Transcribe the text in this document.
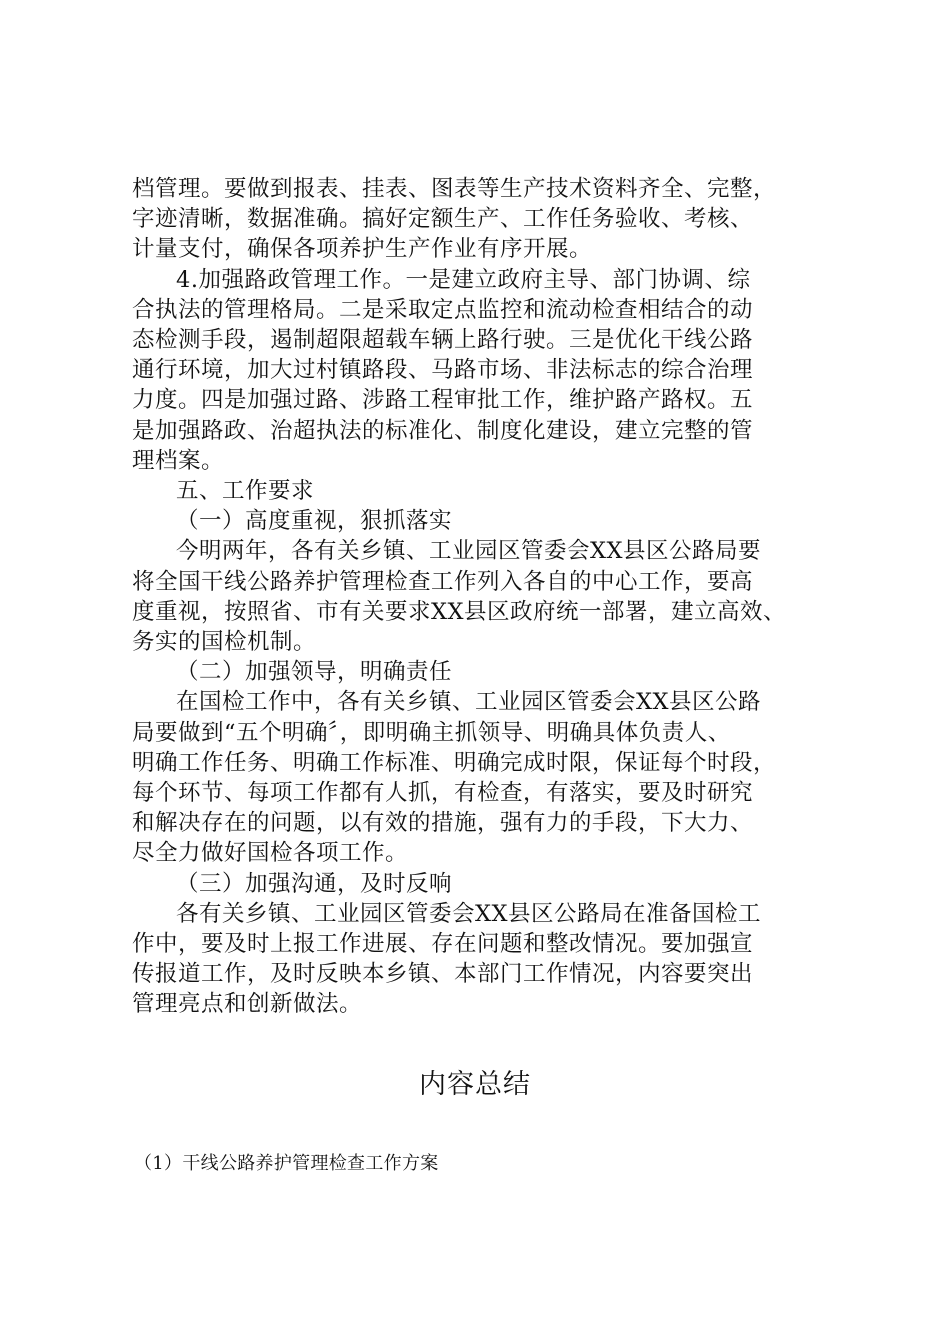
档管理。要做到报表、挂表、图表等生产技术资料齐全、完整，
字迹清晰，数据准确。搞好定额生产、工作任务验收、考核、
计量支付，确保各项养护生产作业有序开展。
4.加强路政管理工作。一是建立政府主导、部门协调、综
合执法的管理格局。二是采取定点监控和流动检查相结合的动
态检测手段，遏制超限超载车辆上路行驶。三是优化干线公路
通行环境，加大过村镇路段、马路市场、非法标志的综合治理
力度。四是加强过路、涉路工程审批工作，维护路产路权。五
是加强路政、治超执法的标准化、制度化建设，建立完整的管
理档案。
五、工作要求
（一）高度重视，狠抓落实
今明两年，各有关乡镇、工业园区管委会XX县区公路局要
将全国干线公路养护管理检查工作列入各自的中心工作，要高
度重视，按照省、市有关要求XX县区政府统一部署，建立高效、
务实的国检机制。
（二）加强领导，明确责任
在国检工作中，各有关乡镇、工业园区管委会XX县区公路
局要做到“五个明确〞，即明确主抓领导、明确具体负责人、
明确工作任务、明确工作标准、明确完成时限，保证每个时段，
每个环节、每项工作都有人抓，有检查，有落实，要及时研究
和解决存在的问题，以有效的措施，强有力的手段，下大力、
尽全力做好国检各项工作。
（三）加强沟通，及时反响
各有关乡镇、工业园区管委会XX县区公路局在准备国检工
作中，要及时上报工作进展、存在问题和整改情况。要加强宣
传报道工作，及时反映本乡镇、本部门工作情况，内容要突出
管理亮点和创新做法。
内容总结
（1）干线公路养护管理检查工作方案
